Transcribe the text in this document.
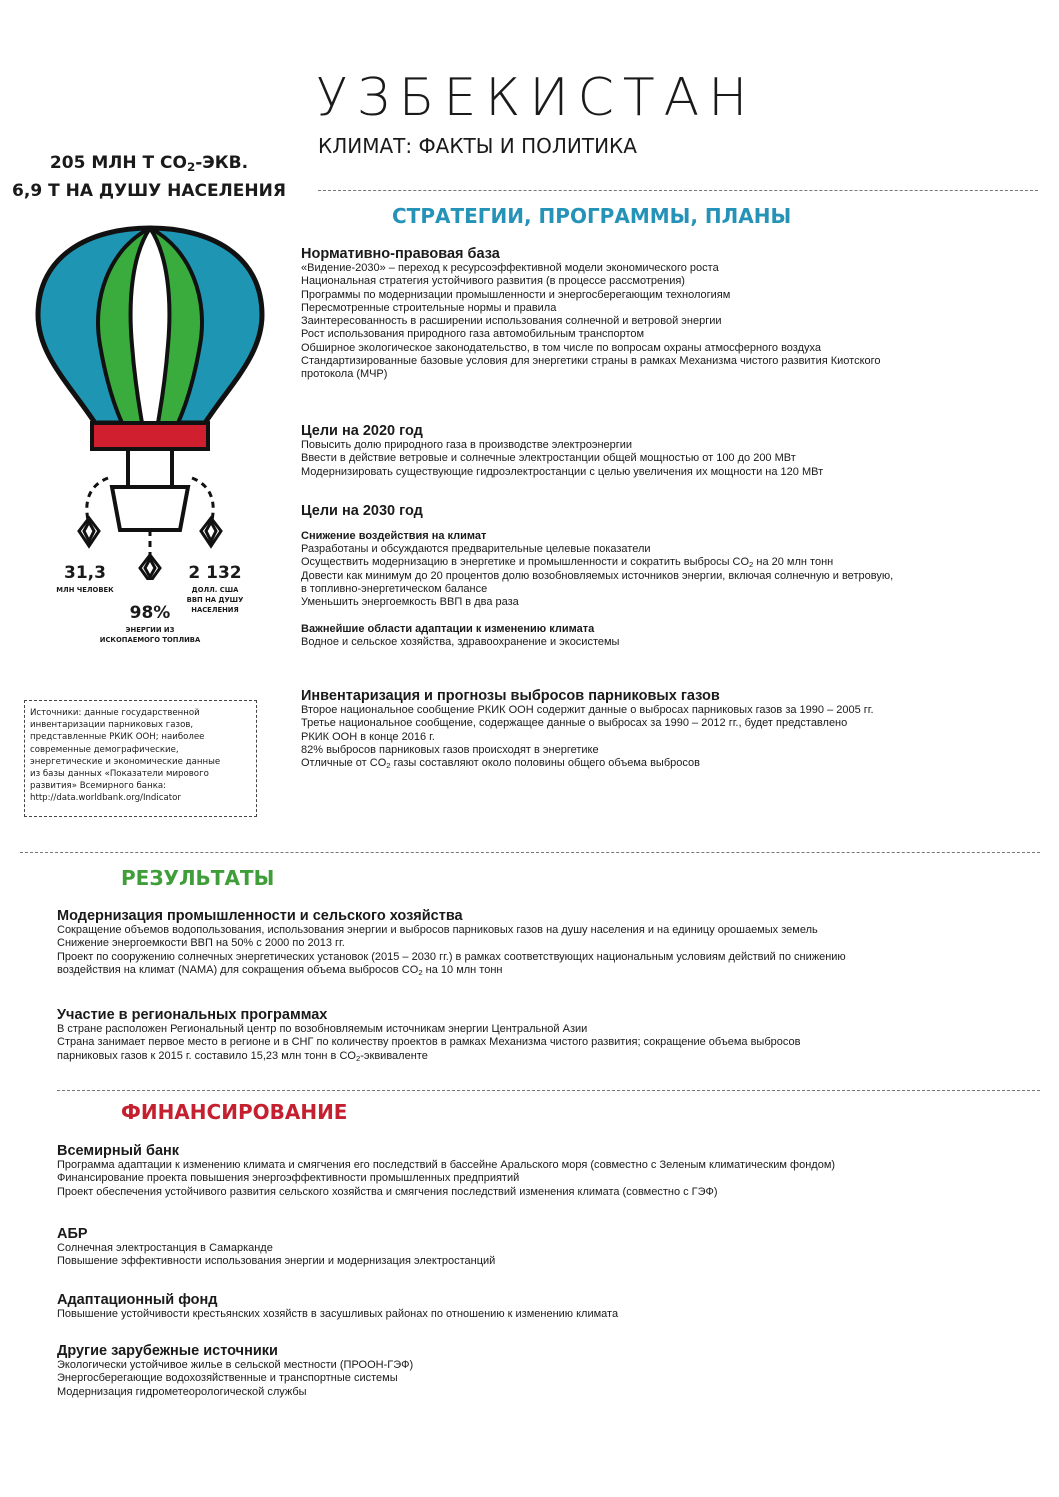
УЗБЕКИСТАН
КЛИМАТ: ФАКТЫ И ПОЛИТИКА
205 МЛН Т $CO_2$-ЭКВ.
6,9 Т НА ДУШУ НАСЕЛЕНИЯ
31,3
МЛН ЧЕЛОВЕК
2 132
ДОЛЛ. США
ВВП НА ДУШУ
НАСЕЛЕНИЯ
98%
ЭНЕРГИИ ИЗ
ИСКОПАЕМОГО ТОПЛИВА

Источники: данные государственной

инвентаризации парниковых газов,

представленные РКИК ООН; наиболее

современные демографические,

энергетические и экономические данные

из базы данных «Показатели мирового

развития» Всемирного банка:

http://data.worldbank.org/Indicator

СТРАТЕГИИ, ПРОГРАММЫ, ПЛАНЫ

Нормативно-правовая база

«Видение-2030» – переход к ресурсоэффективной модели экономического роста

Национальная стратегия устойчивого развития (в процессе рассмотрения)

Программы по модернизации промышленности и энергосберегающим технологиям

Пересмотренные строительные нормы и правила

Заинтересованность в расширении использования солнечной и ветровой энергии

Рост использования природного газа автомобильным транспортом

Обширное экологическое законодательство, в том числе по вопросам охраны атмосферного воздуха

Стандартизированные базовые условия для энергетики страны в рамках Механизма чистого развития Киотского

протокола (МЧР)

Цели на 2020 год

Повысить долю природного газа в производстве электроэнергии

Ввести в действие ветровые и солнечные электростанции общей мощностью от 100 до 200 МВт

Модернизировать существующие гидроэлектростанции с целью увеличения их мощности на 120 МВт

Цели на 2030 год

Снижение воздействия на климат

Разработаны и обсуждаются предварительные целевые показатели

Осуществить модернизацию в энергетике и промышленности и сократить выбросы $CO_2$ на 20 млн тонн

Довести как минимум до 20 процентов долю возобновляемых источников энергии, включая солнечную и ветровую,

в топливно-энергетическом балансе

Уменьшить энергоемкость ВВП в два раза

Важнейшие области адаптации к изменению климата

Водное и сельское хозяйства, здравоохранение и экосистемы

Инвентаризация и прогнозы выбросов парниковых газов

Второе национальное сообщение РКИК ООН содержит данные о выбросах парниковых газов за 1990 – 2005 гг.

Третье национальное сообщение, содержащее данные о выбросах за 1990 – 2012 гг., будет представлено

РКИК ООН в конце 2016 г.

82% выбросов парниковых газов происходят в энергетике

Отличные от $CO_2$ газы составляют около половины общего объема выбросов

РЕЗУЛЬТАТЫ

Модернизация промышленности и сельского хозяйства

Сокращение объемов водопользования, использования энергии и выбросов парниковых газов на душу населения и на единицу орошаемых земель

Снижение энергоемкости ВВП на 50% с 2000 по 2013 гг.

Проект по сооружению солнечных энергетических установок (2015 – 2030 гг.) в рамках соответствующих национальным условиям действий по снижению

воздействия на климат (NAMA) для сокращения объема выбросов $CO_2$ на 10 млн тонн

Участие в региональных программах

В стране расположен Региональный центр по возобновляемым источникам энергии Центральной Азии

Страна занимает первое место в регионе и в СНГ по количеству проектов в рамках Механизма чистого развития; сокращение объема выбросов

парниковых газов к 2015 г. составило 15,23 млн тонн в $CO_2$-эквиваленте

ФИНАНСИРОВАНИЕ

Всемирный банк

Программа адаптации к изменению климата и смягчения его последствий в бассейне Аральского моря (совместно с Зеленым климатическим фондом)

Финансирование проекта повышения энергоэффективности промышленных предприятий

Проект обеспечения устойчивого развития сельского хозяйства и смягчения последствий изменения климата (совместно с ГЭФ)

АБР

Солнечная электростанция в Самарканде

Повышение эффективности использования энергии и модернизация электростанций

Адаптационный фонд

Повышение устойчивости крестьянских хозяйств в засушливых районах по отношению к изменению климата

Другие зарубежные источники

Экологически устойчивое жилье в сельской местности (ПРООН-ГЭФ)

Энергосберегающие водохозяйственные и транспортные системы

Модернизация гидрометеорологической службы
